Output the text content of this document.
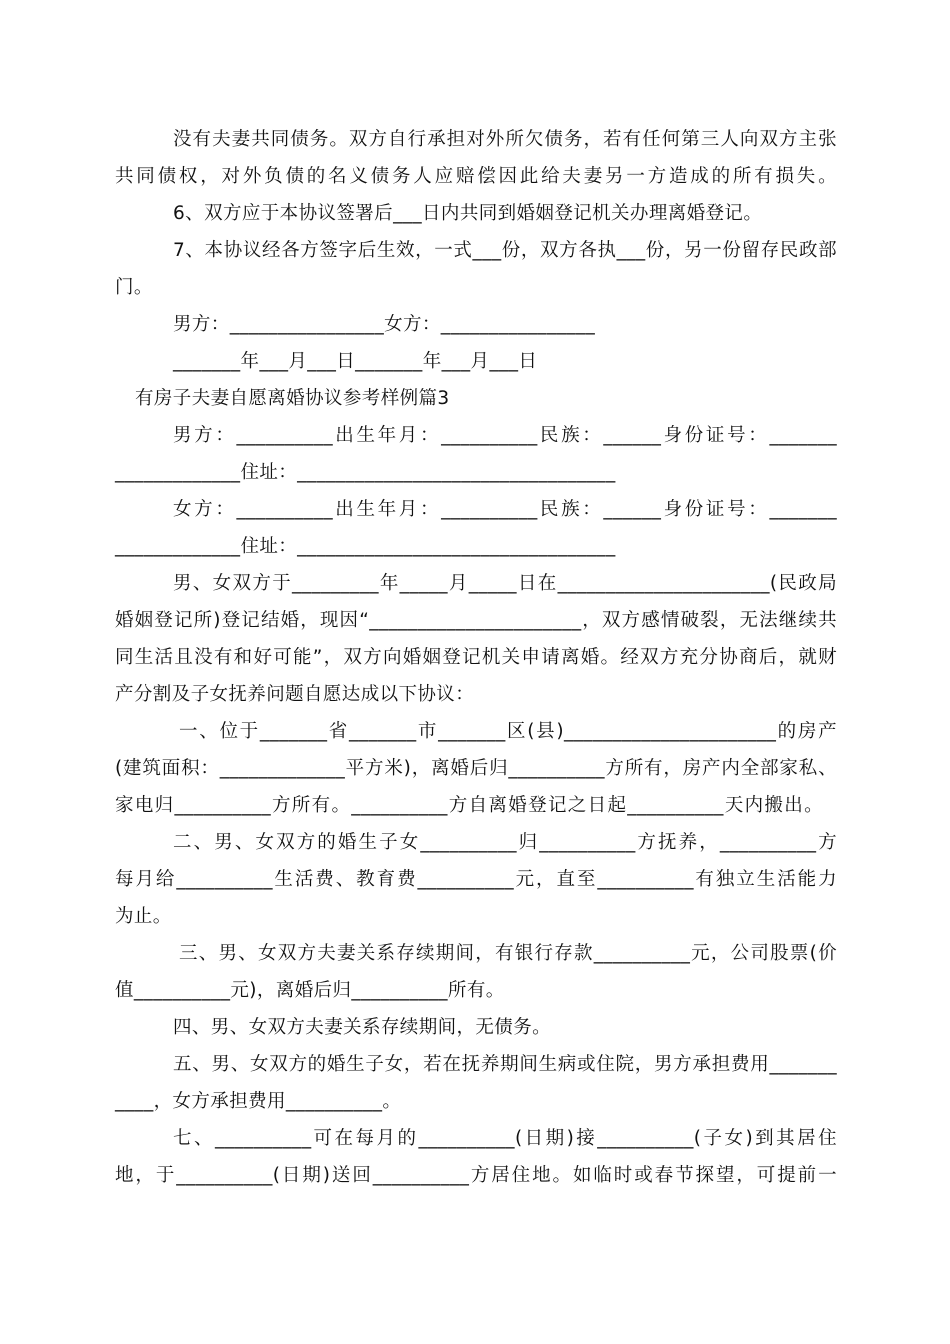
没有夫妻共同债务。双方自行承担对外所欠债务，若有任何第三人向双方主张
共同债权，对外负债的名义债务人应赔偿因此给夫妻另一方造成的所有损失。
6、双方应于本协议签署后___日内共同到婚姻登记机关办理离婚登记。
7、本协议经各方签字后生效，一式___份，双方各执___份，另一份留存民政部
门。
男方：________________女方：________________
_______年___月___日_______年___月___日
有房子夫妻自愿离婚协议参考样例篇3
男方：__________出生年月：__________民族：______身份证号：_______
_____________住址：_________________________________
女方：__________出生年月：__________民族：______身份证号：_______
_____________住址：_________________________________
男、女双方于_________年_____月_____日在______________________(民政局
婚姻登记所)登记结婚，现因“______________________，双方感情破裂，无法继续共
同生活且没有和好可能”，双方向婚姻登记机关申请离婚。经双方充分协商后，就财
产分割及子女抚养问题自愿达成以下协议：
一、位于_______省_______市_______区(县)______________________的房产
(建筑面积：_____________平方米)，离婚后归__________方所有，房产内全部家私、
家电归__________方所有。__________方自离婚登记之日起__________天内搬出。
二、男、女双方的婚生子女__________归__________方抚养，__________方
每月给__________生活费、教育费__________元，直至__________有独立生活能力
为止。
三、男、女双方夫妻关系存续期间，有银行存款__________元，公司股票(价
值__________元)，离婚后归__________所有。
四、男、女双方夫妻关系存续期间，无债务。
五、男、女双方的婚生子女，若在抚养期间生病或住院，男方承担费用_______
____，女方承担费用__________。
七、__________可在每月的__________(日期)接__________(子女)到其居住
地，于__________(日期)送回__________方居住地。如临时或春节探望，可提前一
